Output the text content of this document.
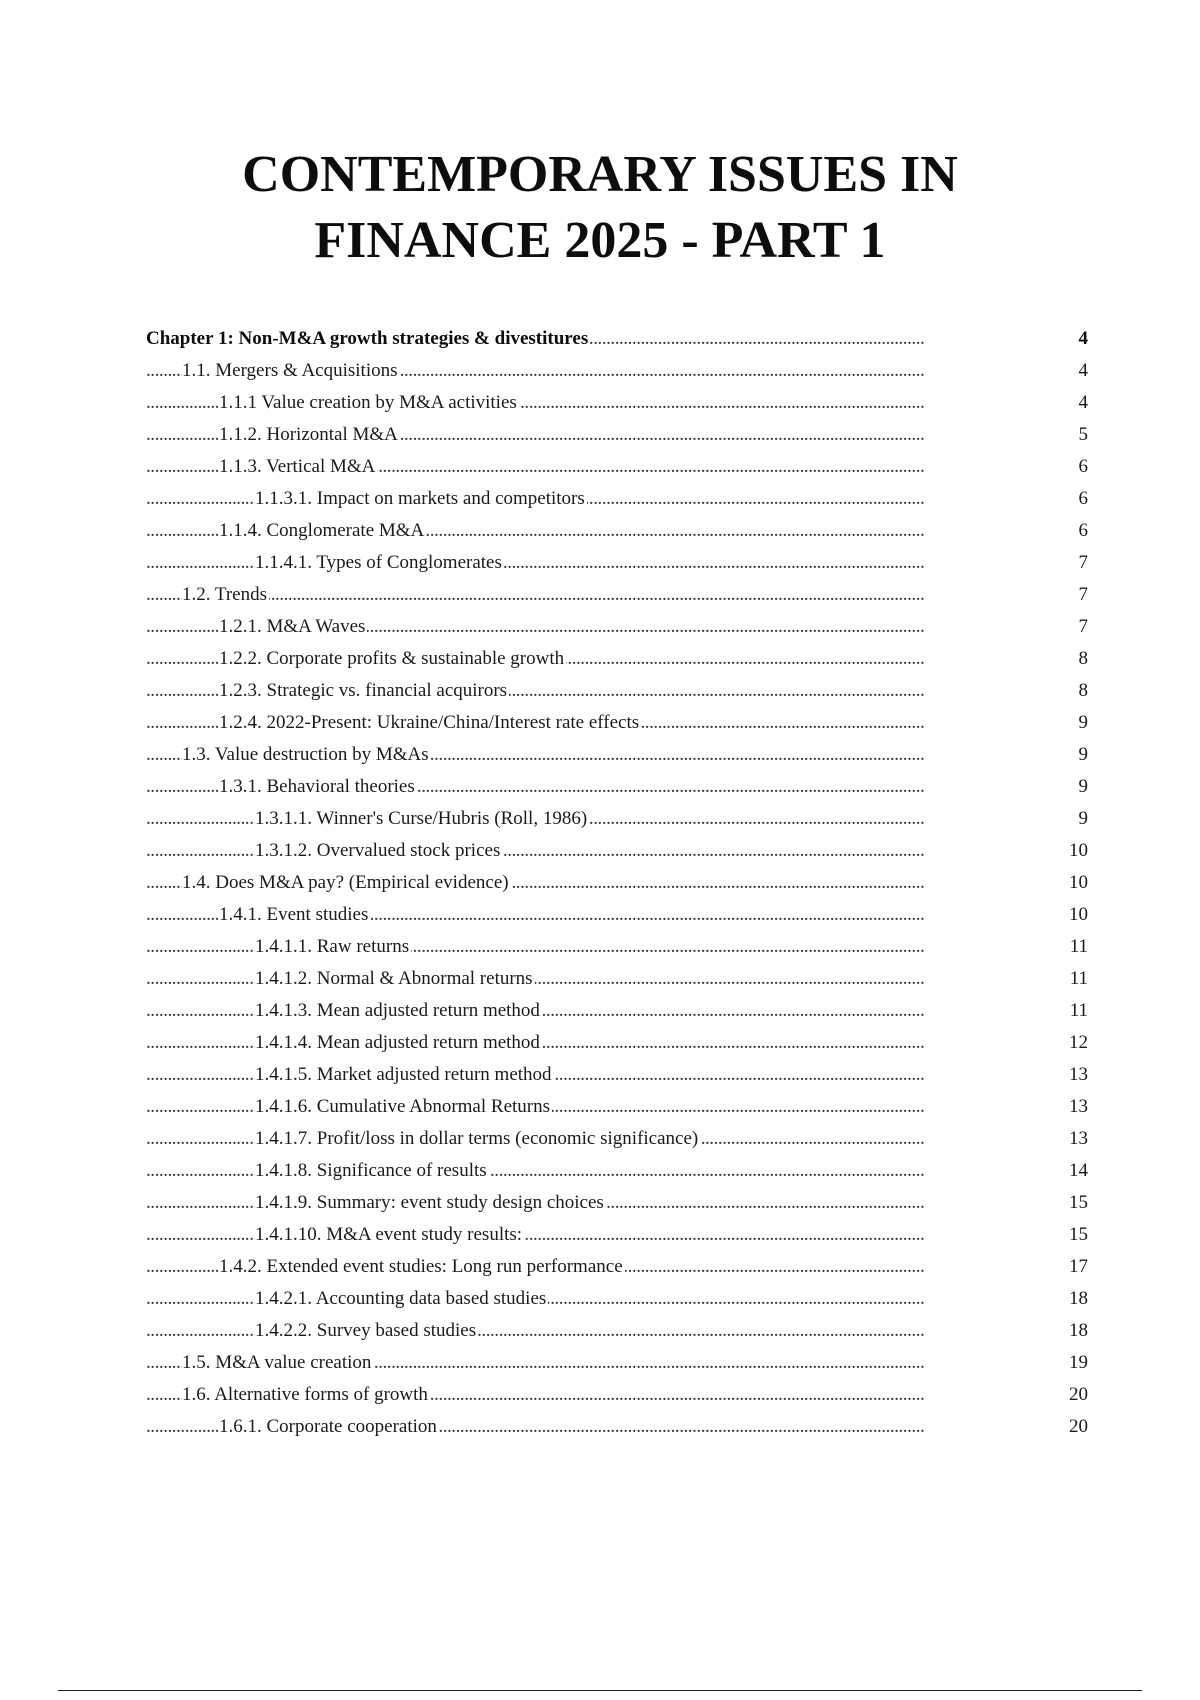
CONTEMPORARY ISSUES IN
FINANCE 2025 - PART 1
Chapter 1: Non-M&A growth strategies & divestitures	4
. . .
1.1. Mergers & Acquisitions	4
. . .
1.1.1 Value creation by M&A activities	4
. . .
1.1.2. Horizontal M&A	5
. . .
1.1.3. Vertical M&A	6
. . .
1.1.3.1. Impact on markets and competitors	6
. . .
1.1.4. Conglomerate M&A	6
. . .
1.1.4.1. Types of Conglomerates	7
. . .
1.2. Trends	7
. . .
1.2.1. M&A Waves	7
. . .
1.2.2. Corporate profits & sustainable growth	8
. . .
1.2.3. Strategic vs. financial acquirors	8
. . .
1.2.4. 2022-Present: Ukraine/China/Interest rate effects	9
. . .
1.3. Value destruction by M&As	9
. . .
1.3.1. Behavioral theories	9
. . .
1.3.1.1. Winner's Curse/Hubris (Roll, 1986)	9
. . .
1.3.1.2. Overvalued stock prices	10
. . .
1.4. Does M&A pay? (Empirical evidence)	10
. . .
1.4.1. Event studies	10
. . .
1.4.1.1. Raw returns	11
. . .
1.4.1.2. Normal & Abnormal returns	11
. . .
1.4.1.3. Mean adjusted return method	11
. . .
1.4.1.4. Mean adjusted return method	12
. . .
1.4.1.5. Market adjusted return method	13
. . .
1.4.1.6. Cumulative Abnormal Returns	13
. . .
1.4.1.7. Profit/loss in dollar terms (economic significance)	13
. . .
1.4.1.8. Significance of results	14
. . .
1.4.1.9. Summary: event study design choices	15
. . .
1.4.1.10. M&A event study results:	15
. . .
1.4.2. Extended event studies: Long run performance	17
. . .
1.4.2.1. Accounting data based studies	18
. . .
1.4.2.2. Survey based studies	18
. . .
1.5. M&A value creation	19
. . .
1.6. Alternative forms of growth	20
. . .
1.6.1. Corporate cooperation	20
. . .
